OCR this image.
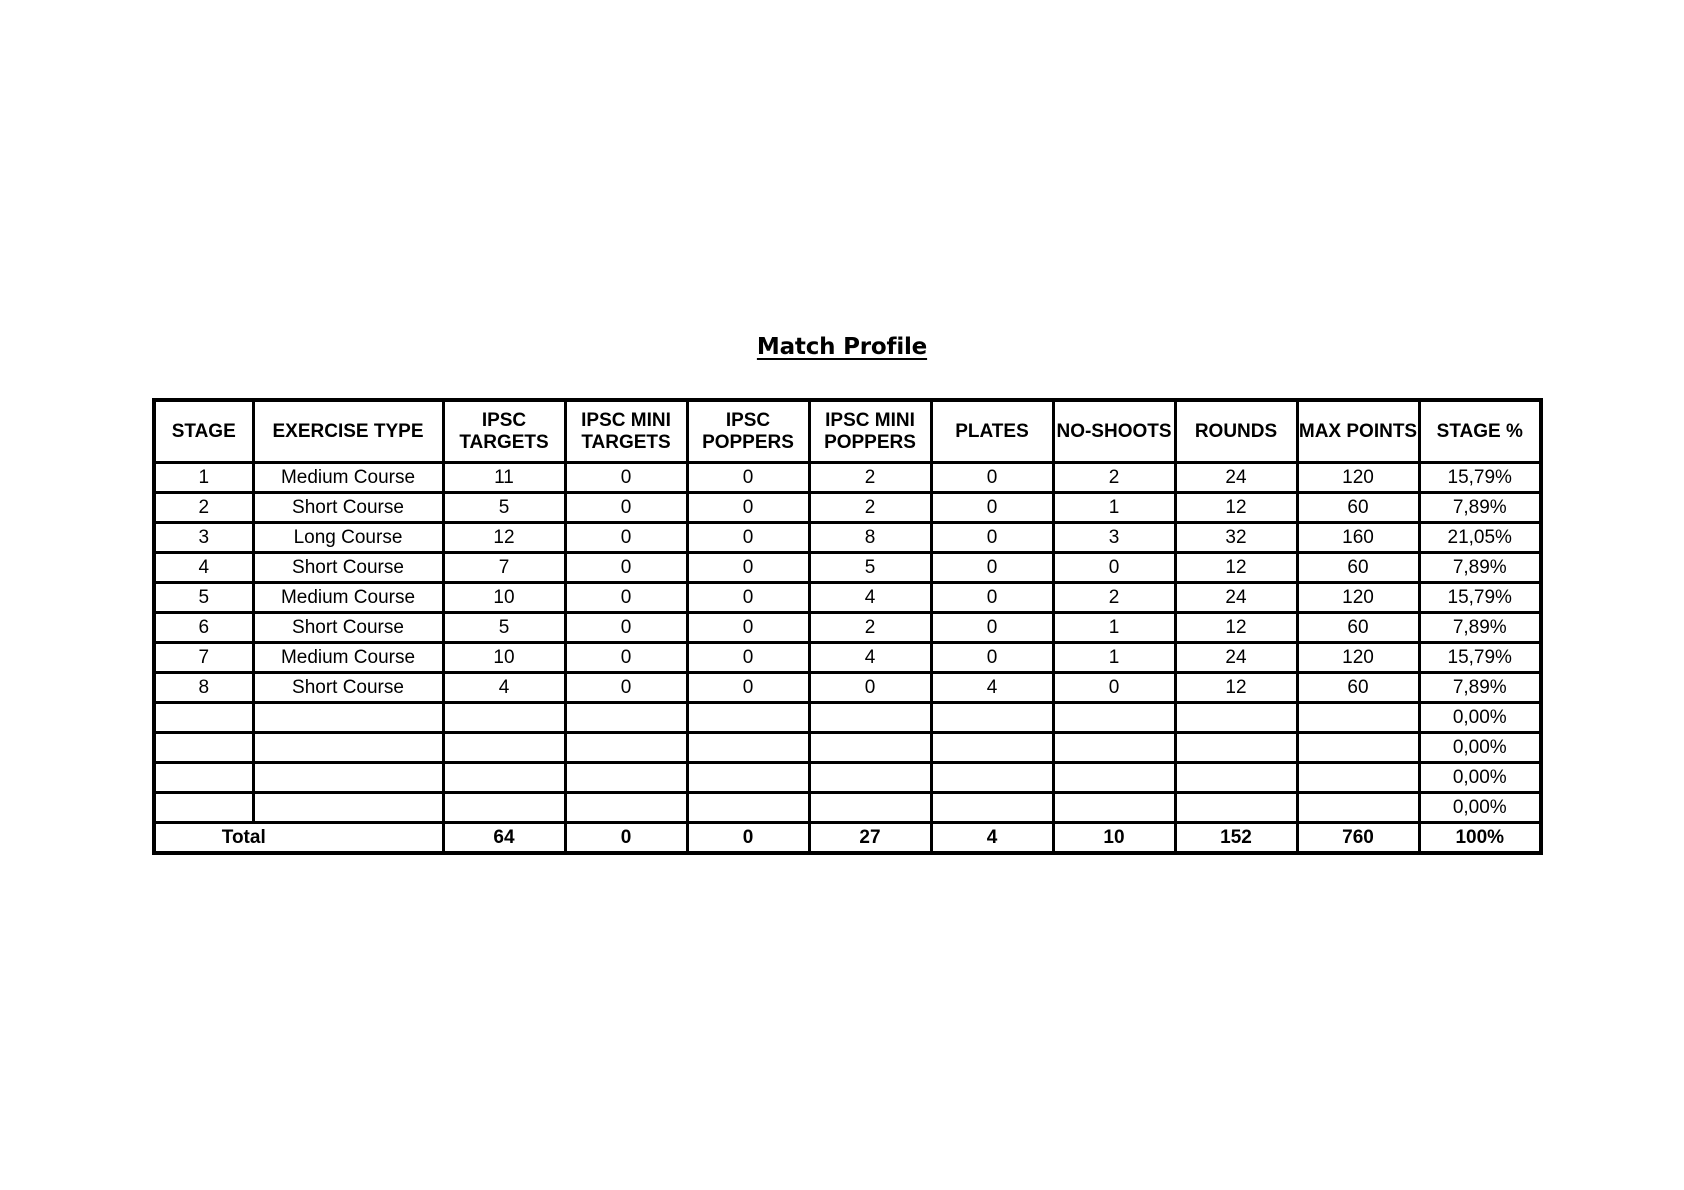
Match Profile
STAGE	EXERCISE TYPE	IPSC TARGETS	IPSC MINI TARGETS	IPSC POPPERS	IPSC MINI POPPERS	PLATES	NO-SHOOTS	ROUNDS	MAX POINTS	STAGE %
1	Medium Course	11	0	0	2	0	2	24	120	15,79%
2	Short Course	5	0	0	2	0	1	12	60	7,89%
3	Long Course	12	0	0	8	0	3	32	160	21,05%
4	Short Course	7	0	0	5	0	0	12	60	7,89%
5	Medium Course	10	0	0	4	0	2	24	120	15,79%
6	Short Course	5	0	0	2	0	1	12	60	7,89%
7	Medium Course	10	0	0	4	0	1	24	120	15,79%
8	Short Course	4	0	0	0	4	0	12	60	7,89%
										0,00%
										0,00%
										0,00%
										0,00%
Total		64	0	0	27	4	10	152	760	100%
